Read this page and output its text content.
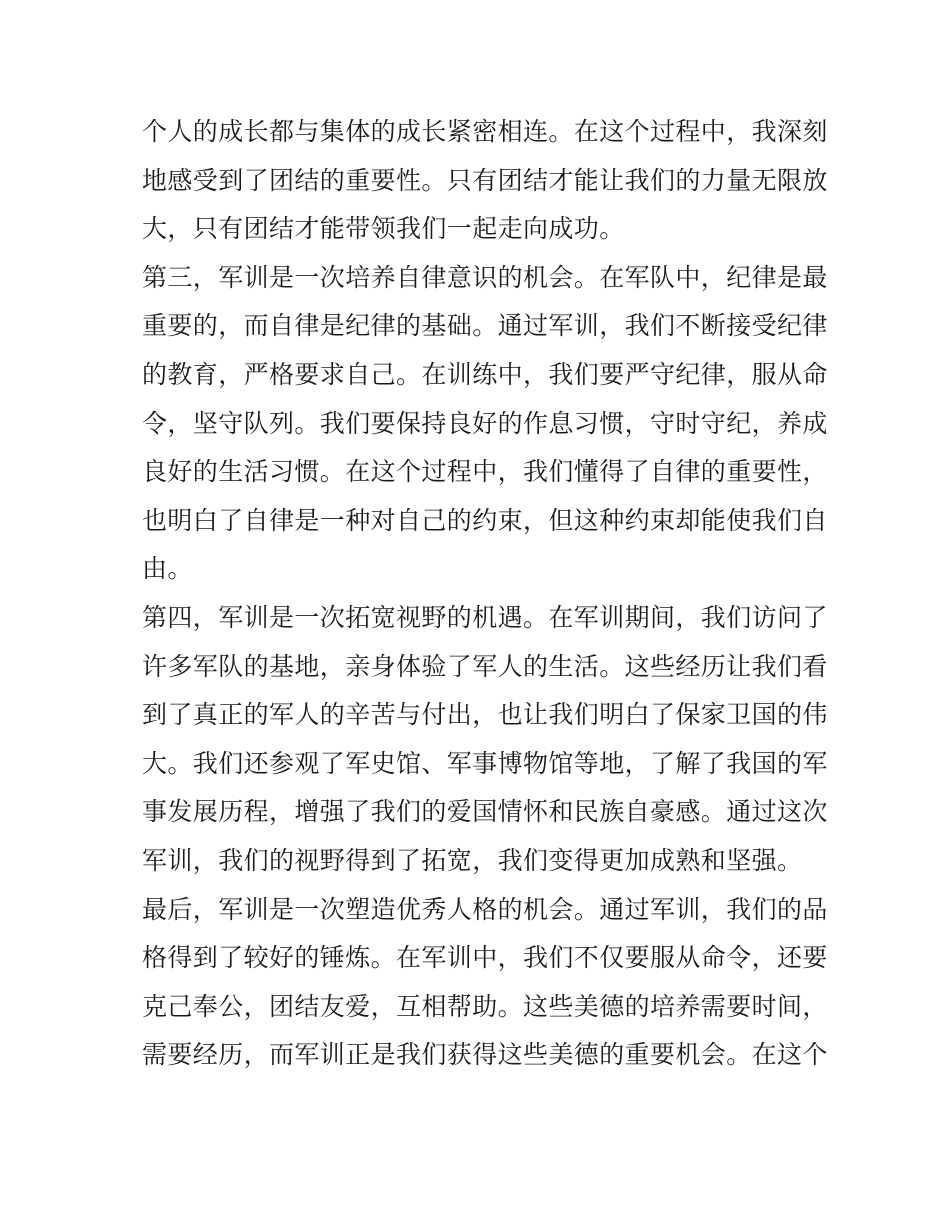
个人的成长都与集体的成长紧密相连。在这个过程中，我深刻
地感受到了团结的重要性。只有团结才能让我们的力量无限放
大，只有团结才能带领我们一起走向成功。
第三，军训是一次培养自律意识的机会。在军队中，纪律是最
重要的，而自律是纪律的基础。通过军训，我们不断接受纪律
的教育，严格要求自己。在训练中，我们要严守纪律，服从命
令，坚守队列。我们要保持良好的作息习惯，守时守纪，养成
良好的生活习惯。在这个过程中，我们懂得了自律的重要性，
也明白了自律是一种对自己的约束，但这种约束却能使我们自
由。
第四，军训是一次拓宽视野的机遇。在军训期间，我们访问了
许多军队的基地，亲身体验了军人的生活。这些经历让我们看
到了真正的军人的辛苦与付出，也让我们明白了保家卫国的伟
大。我们还参观了军史馆、军事博物馆等地，了解了我国的军
事发展历程，增强了我们的爱国情怀和民族自豪感。通过这次
军训，我们的视野得到了拓宽，我们变得更加成熟和坚强。
最后，军训是一次塑造优秀人格的机会。通过军训，我们的品
格得到了较好的锤炼。在军训中，我们不仅要服从命令，还要
克己奉公，团结友爱，互相帮助。这些美德的培养需要时间，
需要经历，而军训正是我们获得这些美德的重要机会。在这个
